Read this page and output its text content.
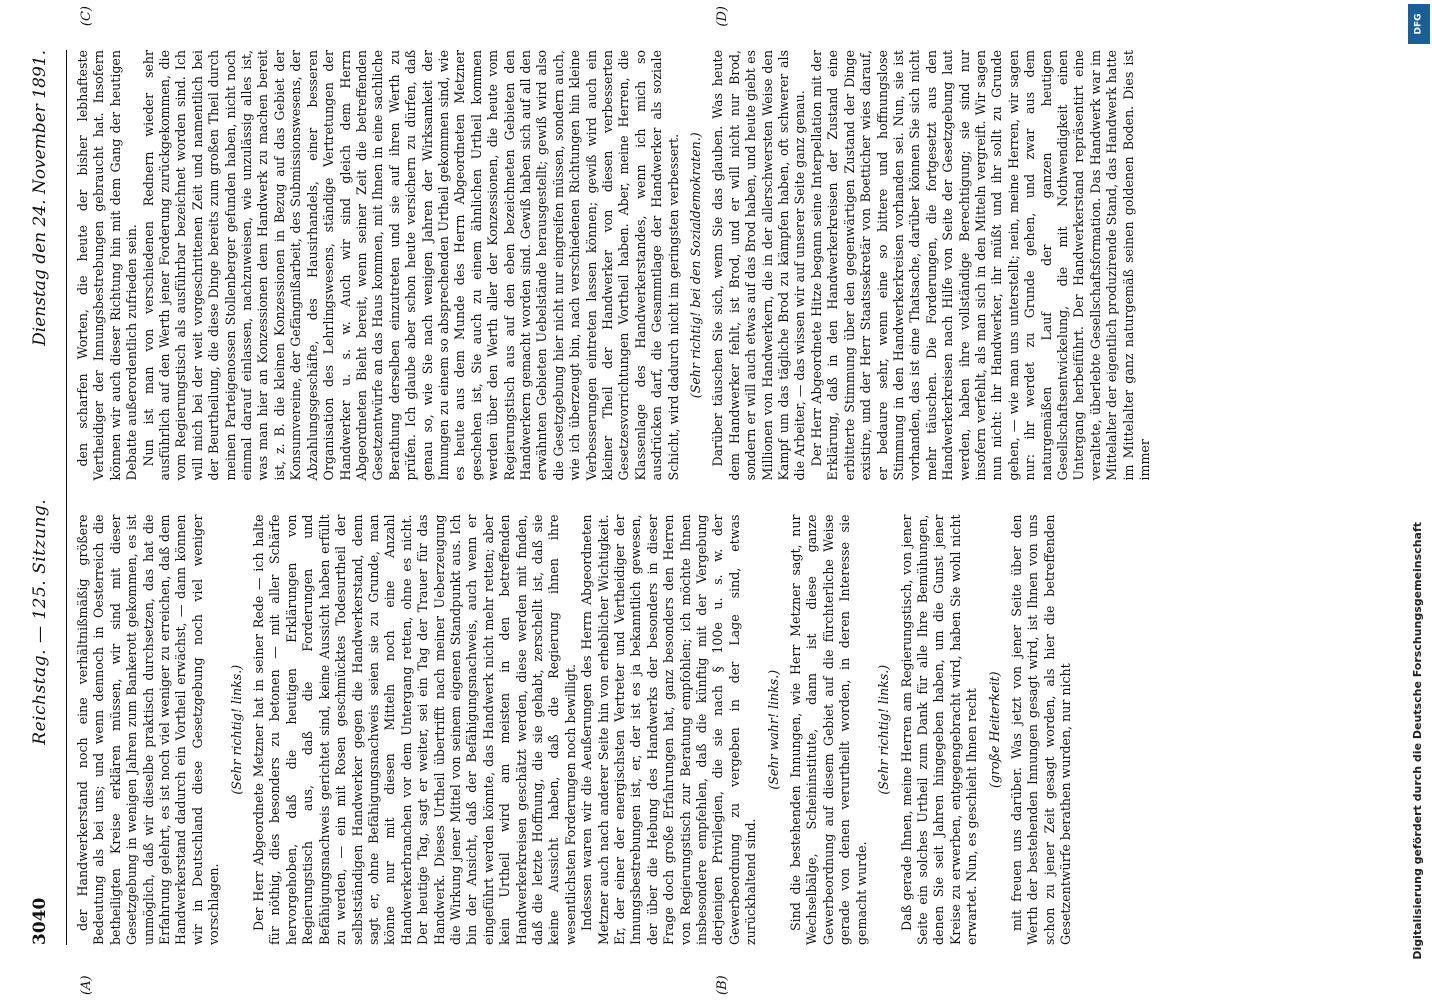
3040
Reichstag. — 125. Sitzung.
Dienstag den 24. November 1891.
(A)	(B)

der Handwerkerstand noch eine verhältnißmäßig größere Bedeutung als bei uns; und wenn dennoch in Oesterreich die betheiligten Kreise erklären müssen, wir sind mit dieser Gesetzgebung in wenigen Jahren zum Bankerott gekommen, es ist unmöglich, daß wir dieselbe praktisch durchsetzen, das hat die Erfahrung gelehrt, es ist noch viel weniger zu erreichen, daß dem Handwerkerstand dadurch ein Vortheil erwächst, — dann können wir in Deutschland diese Gesetzgebung noch viel weniger vorschlagen.

(Sehr richtig! links.) Der Herr Abgeordnete Metzner hat in seiner Rede — ich halte für nöthig, dies besonders zu betonen — mit aller Schärfe hervorgehoben, daß die heutigen Erklärungen von Regierungstisch aus, daß die Forderungen und Befähigungsnachweis gerichtet sind, keine Aussicht haben erfüllt zu werden, — ein mit Rosen geschmücktes Todesurtheil der selbstständigen Handwerker gegen die Handwerkerstand, denn sagt er, ohne Befähigungsnachweis seien sie zu Grunde, man könne nur mit diesen Mitteln noch eine Anzahl Handwerkerbranchen vor dem Untergang retten, ohne es nicht. Der heutige Tag, sagt er weiter, sei ein Tag der Trauer für das Handwerk. Dieses Urtheil übertrifft nach meiner Ueberzeugung die Wirkung jener Mittel von seinem eigenen Standpunkt aus. Ich bin der Ansicht, daß der Befähigungsnachweis, auch wenn er eingeführt werden könnte, das Handwerk nicht mehr retten; aber kein Urtheil wird am meisten in den betreffenden Handwerkerkreisen geschätzt werden, diese werden mit finden, daß die letzte Hoffnung, die sie gehabt, zerschellt ist, daß sie keine Aussicht haben, daß die Regierung ihnen ihre wesentlichsten Forderungen noch bewilligt. Indessen waren wir die Aeußerungen des Herrn Abgeordneten Metzner auch nach anderer Seite hin von erheblicher Wichtigkeit. Er, der einer der energischsten Vertreter und Vertheidiger der Innungsbestrebungen ist, er, der ist es ja bekanntlich gewesen, der über die Hebung des Handwerks der besonders in dieser Frage doch große Erfahrungen hat, ganz besonders den Herren von Regierungstisch zur Beratung empfohlen; ich möchte Ihnen insbesondere empfehlen, daß die künftig mit der Vergebung derjenigen Privilegien, die sie nach § 100e u. s. w. der Gewerbeordnung zu vergeben in der Lage sind, etwas zurückhaltend sind.

(Sehr wahr! links.) Sind die bestehenden Innungen, wie Herr Metzner sagt, nur Wechselbälge, Scheininstitute, dann ist diese ganze Gewerbeordnung auf diesem Gebiet auf die fürchterliche Weise gerade von denen verurtheilt worden, in deren Interesse sie gemacht wurde.

(Sehr richtig! links.) Daß gerade Ihnen, meine Herren am Regierungstisch, von jener Seite ein solches Urtheil zum Dank für alle Ihre Bemühungen, denen Sie seit Jahren hingegeben haben, um die Gunst jener Kreise zu erwerben, entgegengebracht wird, haben Sie wohl nicht erwartet. Nun, es geschieht Ihnen recht (große Heiterkeit) mit freuen uns darüber. Was jetzt von jener Seite über den Werth der bestehenden Innungen gesagt wird, ist Ihnen von uns schon zu jener Zeit gesagt worden, als hier die betreffenden Gesetzentwürfe berathen wurden, nur nicht

(C)	(D)

den scharfen Worten, die heute der bisher lebhafteste Vertheidiger der Innungsbestrebungen gebraucht hat. Insofern können wir auch dieser Richtung hin mit dem Gang der heutigen Debatte außerordentlich zufrieden sein. Nun ist man von verschiedenen Rednern wieder sehr ausführlich auf den Werth jener Forderung zurückgekommen, die vom Regierungstisch als ausführbar bezeichnet worden sind. Ich will mich bei der weit vorgeschrittenen Zeit und namentlich bei der Beurtheilung, die diese Dinge bereits zum großen Theil durch meinen Parteigenossen Stollenberger gefunden haben, nicht noch einmal darauf einlassen, nachzuweisen, wie unzulässig alles ist, was man hier an Konzessionen dem Handwerk zu machen bereit ist, z. B. die kleinen Konzessionen in Bezug auf das Gebiet der Konsumvereine, der Gefängnißarbeit, des Submissionswesens, der Abzahlungsgeschäfte, des Hausirhandels, einer besseren Organisation des Lehrlingswesens, ständige Vertretungen der Handwerker u. s. w. Auch wir sind gleich dem Herrn Abgeordneten Bieht bereit, wenn seiner Zeit die betreffenden Gesetzentwürfe an das Haus kommen, mit Ihnen in eine sachliche Berathung derselben einzutreten und sie auf ihren Werth zu prüfen. Ich glaube aber schon heute versichern zu dürfen, daß genau so, wie Sie nach wenigen Jahren der Wirksamkeit der Innungen zu einem so absprechenden Urtheil gekommen sind, wie es heute aus dem Munde des Herrn Abgeordneten Metzner geschehen ist, Sie auch zu einem ähnlichen Urtheil kommen werden über den Werth aller der Konzessionen, die heute vom Regierungstisch aus auf den eben bezeichneten Gebieten den Handwerkern gemacht worden sind. Gewiß haben sich auf all den erwähnten Gebieten Uebelstände herausgestellt; gewiß wird also die Gesetzgebung hier nicht nur eingreifen müssen, sondern auch, wie ich überzeugt bin, nach verschiedenen Richtungen hin kleine Verbesserungen eintreten lassen können; gewiß wird auch ein kleiner Theil der Handwerker von diesen verbesserten Gesetzesvorrichtungen Vortheil haben. Aber, meine Herren, die Klassenlage des Handwerkerstandes, wenn ich mich so ausdrücken darf, die Gesammtlage der Handwerker als soziale Schicht, wird dadurch nicht im geringsten verbessert. (Sehr richtig! bei den Sozialdemokraten.) Darüber täuschen Sie sich, wenn Sie das glauben. Was heute dem Handwerker fehlt, ist Brod, und er will nicht nur Brod, sondern er will auch etwas auf das Brod haben, und heute giebt es Millionen von Handwerkern, die in der allerschwersten Weise den Kampf um das tägliche Brod zu kämpfen haben, oft schwerer als die Arbeiter, — das wissen wir auf unserer Seite ganz genau. Der Herr Abgeordnete Hitze begann seine Interpellation mit der Erklärung, daß in den Handwerkerkreisen der Zustand eine erbitterte Stimmung über den gegenwärtigen Zustand der Dinge existire, und der Herr Staatssekretär von Boetticher wies darauf, er bedaure sehr, wenn eine so bittere und hoffnungslose Stimmung in den Handwerkerkreisen vorhanden sei. Nun, sie ist vorhanden, das ist eine Thatsache, darüber können Sie sich nicht mehr täuschen. Die Forderungen, die fortgesetzt aus den Handwerkerkreisen nach Hilfe von Seite der Gesetzgebung laut werden, haben ihre vollständige Berechtigung; sie sind nur insofern verfehlt, als man sich in den Mitteln vergreift. Wir sagen nun nicht: ihr Handwerker, ihr müßt und ihr sollt zu Grunde gehen, — wie man uns unterstellt; nein, meine Herren, wir sagen nur: ihr werdet zu Grunde gehen, und zwar aus dem naturgemäßen Lauf der ganzen heutigen Gesellschaftsentwickelung, die mit Nothwendigkeit einen Untergang herbeiführt. Der Handwerkerstand repräsentirt eine veraltete, überlebte Gesellschaftsformation. Das Handwerk war im Mittelalter der eigentlich produzirende Stand, das Handwerk hatte im Mittelalter ganz naturgemäß seinen goldenen Boden. Dies ist immer

DFG
Digitalisierung gefördert durch die Deutsche Forschungsgemeinschaft
